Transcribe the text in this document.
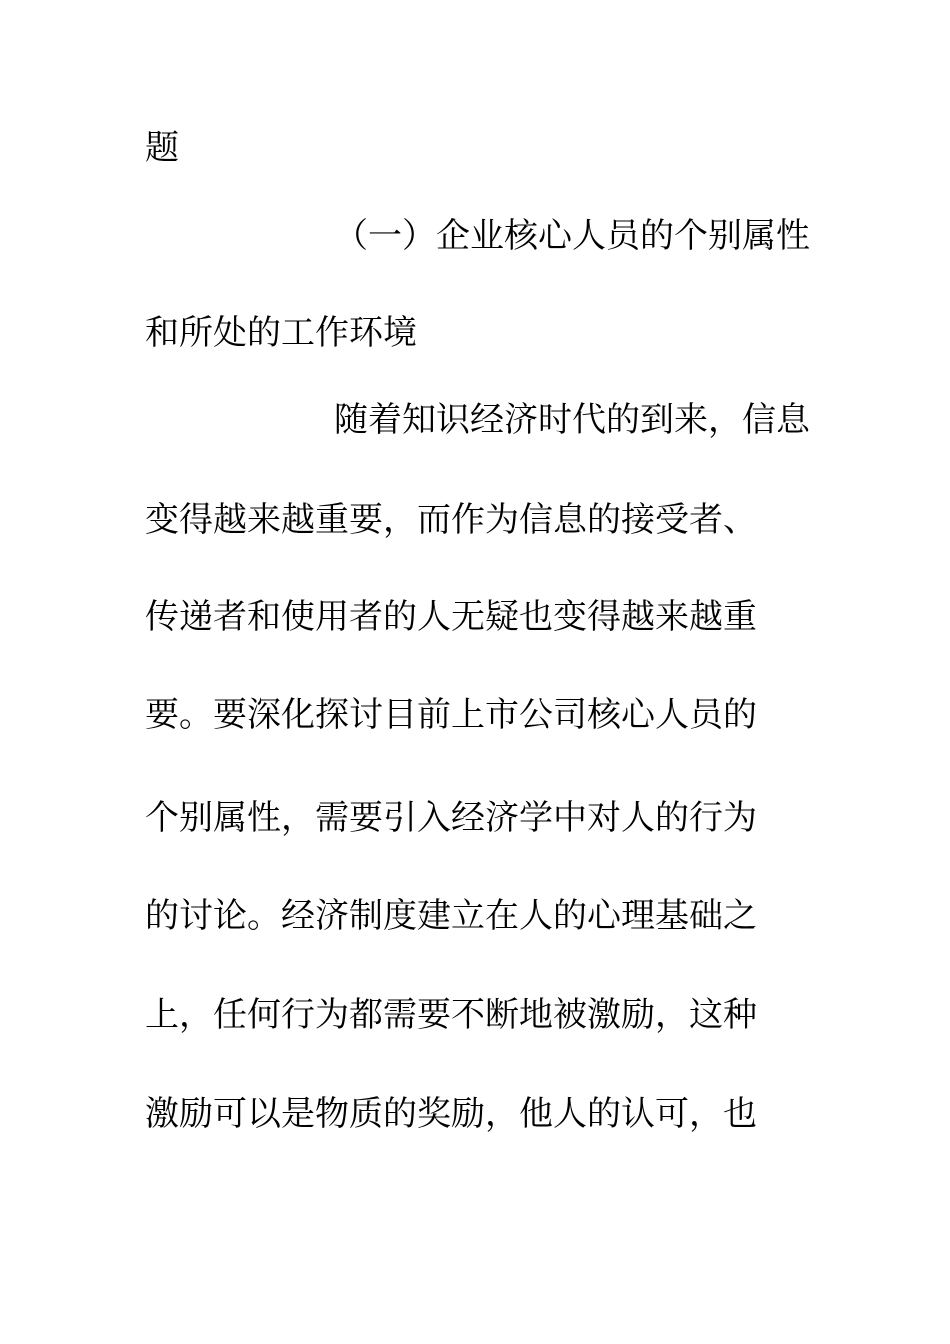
题
（一）企业核心人员的个别属性
和所处的工作环境
随着知识经济时代的到来，信息
变得越来越重要，而作为信息的接受者、
传递者和使用者的人无疑也变得越来越重
要。要深化探讨目前上市公司核心人员的
个别属性，需要引入经济学中对人的行为
的讨论。经济制度建立在人的心理基础之
上，任何行为都需要不断地被激励，这种
激励可以是物质的奖励，他人的认可，也
